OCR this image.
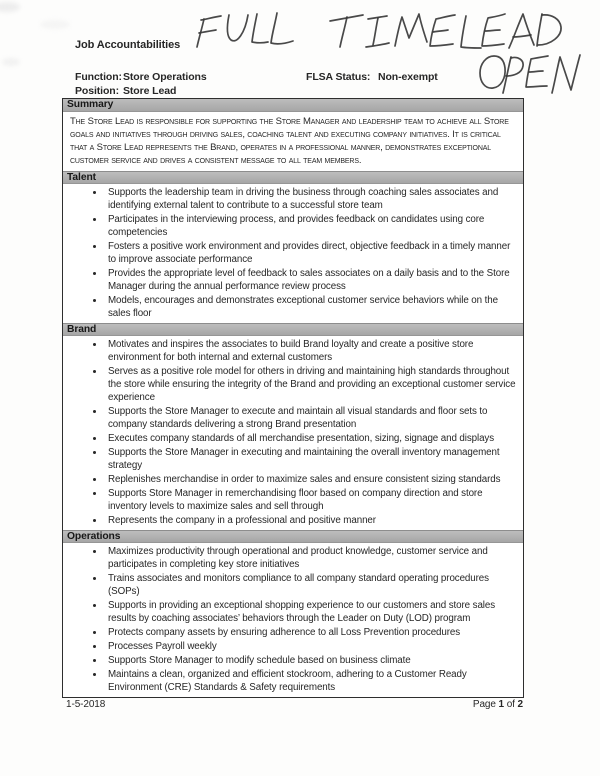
Job Accountabilities
Function: Store Operations	FLSA Status: Non-exempt
Position: Store Lead
Summary

The Store Lead is responsible for supporting the Store Manager and leadership team to achieve all Store goals and initiatives through driving sales, coaching talent and executing company initiatives. It is critical that a Store Lead represents the Brand, operates in a professional manner, demonstrates exceptional customer service and drives a consistent message to all team members.

Talent
• Supports the leadership team in driving the business through coaching sales associates and identifying external talent to contribute to a successful store team
• Participates in the interviewing process, and provides feedback on candidates using core competencies
• Fosters a positive work environment and provides direct, objective feedback in a timely manner to improve associate performance
• Provides the appropriate level of feedback to sales associates on a daily basis and to the Store Manager during the annual performance review process
• Models, encourages and demonstrates exceptional customer service behaviors while on the sales floor
Brand
• Motivates and inspires the associates to build Brand loyalty and create a positive store environment for both internal and external customers
• Serves as a positive role model for others in driving and maintaining high standards throughout the store while ensuring the integrity of the Brand and providing an exceptional customer service experience
• Supports the Store Manager to execute and maintain all visual standards and floor sets to company standards delivering a strong Brand presentation
• Executes company standards of all merchandise presentation, sizing, signage and displays
• Supports the Store Manager in executing and maintaining the overall inventory management strategy
• Replenishes merchandise in order to maximize sales and ensure consistent sizing standards
• Supports Store Manager in remerchandising floor based on company direction and store inventory levels to maximize sales and sell through
• Represents the company in a professional and positive manner
Operations
• Maximizes productivity through operational and product knowledge, customer service and participates in completing key store initiatives
• Trains associates and monitors compliance to all company standard operating procedures (SOPs)
• Supports in providing an exceptional shopping experience to our customers and store sales results by coaching associates’ behaviors through the Leader on Duty (LOD) program
• Protects company assets by ensuring adherence to all Loss Prevention procedures
• Processes Payroll weekly
• Supports Store Manager to modify schedule based on business climate
• Maintains a clean, organized and efficient stockroom, adhering to a Customer Ready Environment (CRE) Standards & Safety requirements
1-5-2018	Page 1 of 2
